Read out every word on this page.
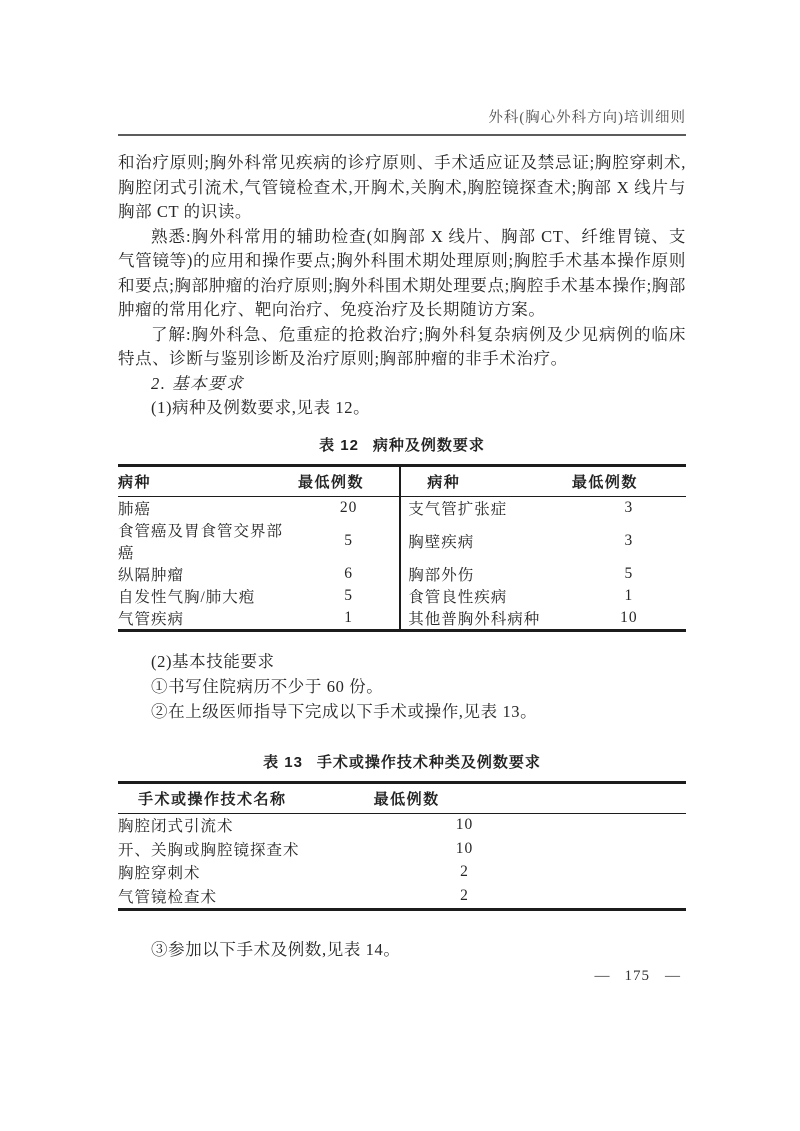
外科(胸心外科方向)培训细则

和治疗原则;胸外科常见疾病的诊疗原则、手术适应证及禁忌证;胸腔穿刺术,胸腔闭式引流术,气管镜检查术,开胸术,关胸术,胸腔镜探查术;胸部 X 线片与胸部 CT 的识读。

熟悉:胸外科常用的辅助检查(如胸部 X 线片、胸部 CT、纤维胃镜、支气管镜等)的应用和操作要点;胸外科围术期处理原则;胸腔手术基本操作原则和要点;胸部肿瘤的治疗原则;胸外科围术期处理要点;胸腔手术基本操作;胸部肿瘤的常用化疗、靶向治疗、免疫治疗及长期随访方案。

了解:胸外科急、危重症的抢救治疗;胸外科复杂病例及少见病例的临床特点、诊断与鉴别诊断及治疗原则;胸部肿瘤的非手术治疗。

2. 基本要求

(1)病种及例数要求,见表 12。

表 12 病种及例数要求
病种	最低例数	病种	最低例数
肺癌	20	支气管扩张症	3
食管癌及胃食管交界部癌	5	胸壁疾病	3
纵隔肿瘤	6	胸部外伤	5
自发性气胸/肺大疱	5	食管良性疾病	1
气管疾病	1	其他普胸外科病种	10

(2)基本技能要求

①书写住院病历不少于 60 份。

②在上级医师指导下完成以下手术或操作,见表 13。

表 13 手术或操作技术种类及例数要求
手术或操作技术名称	最低例数	
胸腔闭式引流术	10	
开、关胸或胸腔镜探查术	10	
胸腔穿刺术	2	
气管镜检查术	2	

③参加以下手术及例数,见表 14。

— 175 —
